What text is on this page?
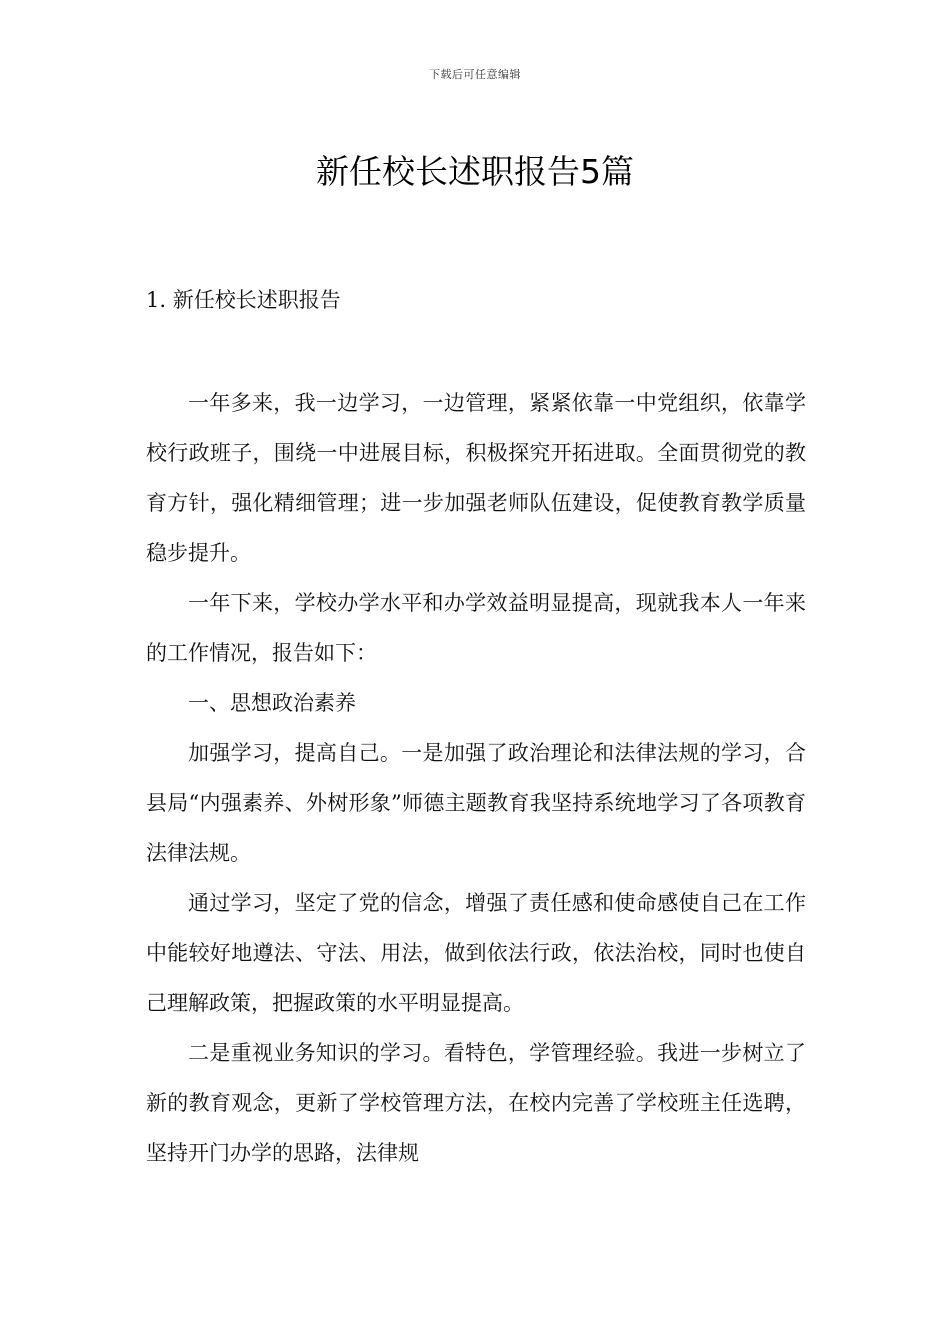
下载后可任意编辑
新任校长述职报告5篇
1. 新任校长述职报告

一年多来，我一边学习，一边管理，紧紧依靠一中党组织，依靠学校行政班子，围绕一中进展目标，积极探究开拓进取。全面贯彻党的教育方针，强化精细管理；进一步加强老师队伍建设，促使教育教学质量稳步提升。

一年下来，学校办学水平和办学效益明显提高，现就我本人一年来的工作情况，报告如下：

一、思想政治素养

加强学习，提高自己。一是加强了政治理论和法律法规的学习，合县局“内强素养、外树形象”师德主题教育我坚持系统地学习了各项教育法律法规。

通过学习，坚定了党的信念，增强了责任感和使命感使自己在工作中能较好地遵法、守法、用法，做到依法行政，依法治校，同时也使自己理解政策，把握政策的水平明显提高。

二是重视业务知识的学习。看特色，学管理经验。我进一步树立了新的教育观念，更新了学校管理方法，在校内完善了学校班主任选聘，坚持开门办学的思路，法律规
